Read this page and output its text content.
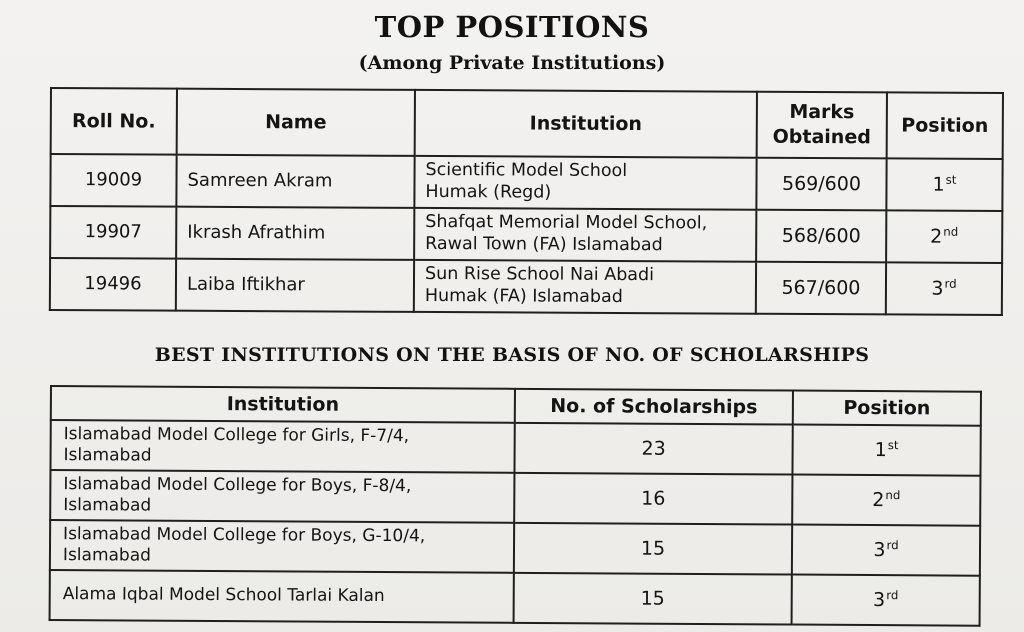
TOP POSITIONS
(Among Private Institutions)
Roll No.	Name	Institution	Marks
Obtained	Position
19009	Samreen Akram	Scientific Model School
Humak (Regd)	569/600	1st
19907	Ikrash Afrathim	Shafqat Memorial Model School,
Rawal Town (FA) Islamabad	568/600	2nd
19496	Laiba Iftikhar	Sun Rise School Nai Abadi
Humak (FA) Islamabad	567/600	3rd
BEST INSTITUTIONS ON THE BASIS OF NO. OF SCHOLARSHIPS
Institution	No. of Scholarships	Position
Islamabad Model College for Girls, F-7/4,
Islamabad	23	1st
Islamabad Model College for Boys, F-8/4,
Islamabad	16	2nd
Islamabad Model College for Boys, G-10/4,
Islamabad	15	3rd
Alama Iqbal Model School Tarlai Kalan	15	3rd
